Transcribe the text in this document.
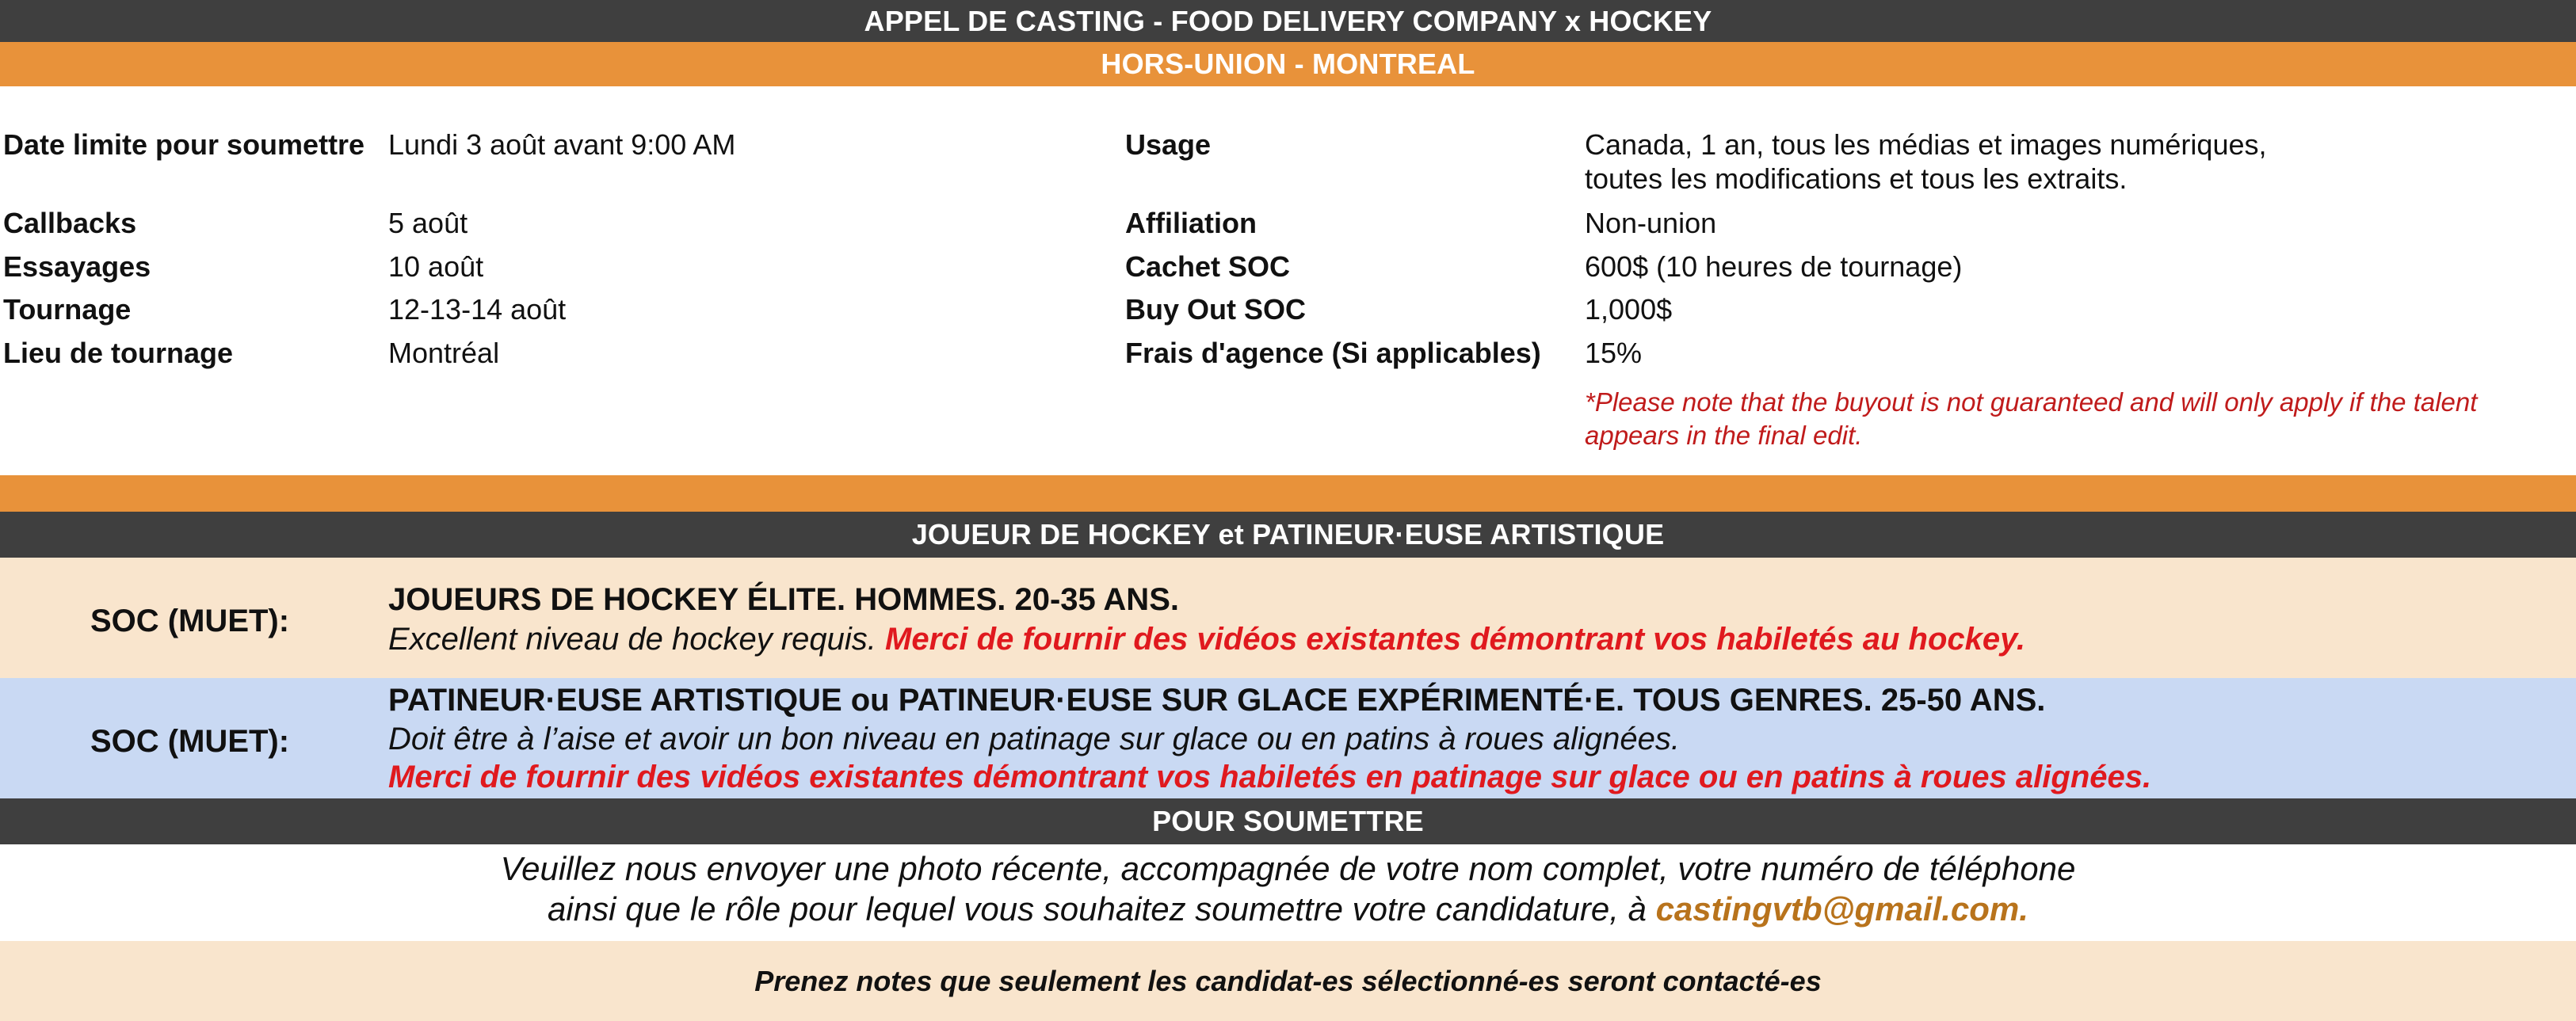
APPEL DE CASTING - FOOD DELIVERY COMPANY x HOCKEY
HORS-UNION - MONTREAL
Date limite pour soumettre Lundi 3 août avant 9:00 AM
Callbacks	5 août
Essayages	10 août
Tournage	12-13-14 août
Lieu de tournage	Montréal
Usage	Canada, 1 an, tous les médias et images numériques,
toutes les modifications et tous les extraits.
Affiliation	Non-union
Cachet SOC	600$ (10 heures de tournage)
Buy Out SOC	1,000$
Frais d'agence (Si applicables) 15%
*Please note that the buyout is not guaranteed and will only apply if the talent
appears in the final edit.
JOUEUR DE HOCKEY et PATINEUR·EUSE ARTISTIQUE
SOC (MUET):
JOUEURS DE HOCKEY ÉLITE. HOMMES. 20-35 ANS.
Excellent niveau de hockey requis. Merci de fournir des vidéos existantes démontrant vos habiletés au hockey.
SOC (MUET):
PATINEUR·EUSE ARTISTIQUE ou PATINEUR·EUSE SUR GLACE EXPÉRIMENTÉ·E. TOUS GENRES. 25-50 ANS.
Doit être à l’aise et avoir un bon niveau en patinage sur glace ou en patins à roues alignées.
Merci de fournir des vidéos existantes démontrant vos habiletés en patinage sur glace ou en patins à roues alignées.
POUR SOUMETTRE
Veuillez nous envoyer une photo récente, accompagnée de votre nom complet, votre numéro de téléphone
ainsi que le rôle pour lequel vous souhaitez soumettre votre candidature, à castingvtb@gmail.com.
Prenez notes que seulement les candidat-es sélectionné-es seront contacté-es
